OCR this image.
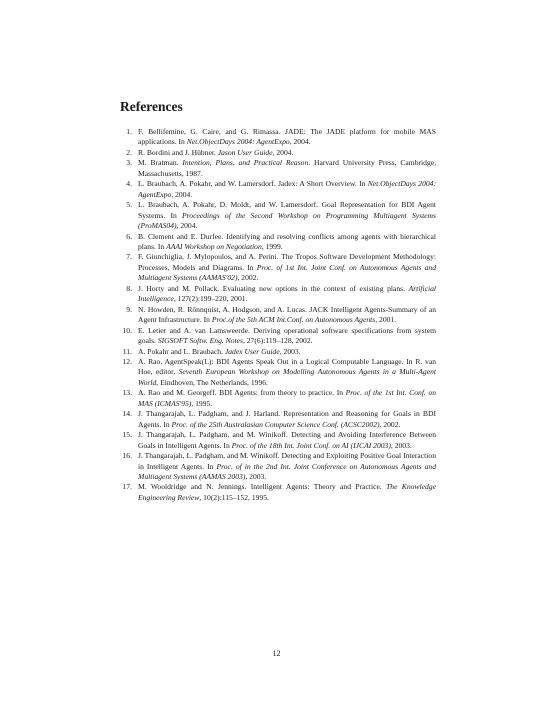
References
1. F. Bellifemine, G. Caire, and G. Rimassa. JADE: The JADE platform for mobile MAS applications. In Net.ObjectDays 2004: AgentExpo, 2004.
2. R. Bordini and J. Hübner. Jason User Guide, 2004.
3. M. Bratman. Intention, Plans, and Practical Reason. Harvard University Press, Cambridge, Massachusetts, 1987.
4. L. Braubach, A. Pokahr, and W. Lamersdorf. Jadex: A Short Overview. In Net.ObjectDays 2004: AgentExpo, 2004.
5. L. Braubach, A. Pokahr, D. Moldt, and W. Lamersdorf. Goal Representation for BDI Agent Systems. In Proceedings of the Second Workshop on Programming Multiagent Systems (ProMAS04), 2004.
6. B. Clement and E. Durfee. Identifying and resolving conflicts among agents with hierarchical plans. In AAAI Workshop on Negotiation, 1999.
7. F. Giunchiglia, J. Mylopoulos, and A. Perini. The Tropos Software Development Methodology: Processes, Models and Diagrams. In Proc. of 1st Int. Joint Conf. on Autonomous Agents and Multiagent Systems (AAMAS'02), 2002.
8. J. Horty and M. Pollack. Evaluating new options in the context of existing plans. Artificial Intelligence, 127(2):199–220, 2001.
9. N. Howden, R. Rönnquist, A. Hodgson, and A. Lucas. JACK Intelligent Agents-Summary of an Agent Infrastructure. In Proc.of the 5th ACM Int.Conf. on Autonomous Agents, 2001.
10. E. Letier and A. van Lamsweerde. Deriving operational software specifications from system goals. SIGSOFT Softw. Eng. Notes, 27(6):119–128, 2002.
11. A. Pokahr and L. Braubach. Jadex User Guide, 2003.
12. A. Rao. AgentSpeak(L): BDI Agents Speak Out in a Logical Computable Language. In R. van Hoe, editor, Seventh European Workshop on Modelling Autonomous Agents in a Multi-Agent World, Eindhoven, The Netherlands, 1996.
13. A. Rao and M. Georgeff. BDI Agents: from theory to practice. In Proc. of the 1st Int. Conf. on MAS (ICMAS'95), 1995.
14. J. Thangarajah, L. Padgham, and J. Harland. Representation and Reasoning for Goals in BDI Agents. In Proc. of the 25th Australasian Computer Science Conf. (ACSC2002), 2002.
15. J. Thangarajah, L. Padgham, and M. Winikoff. Detecting and Avoiding Interference Between Goals in Intelligent Agents. In Proc. of the 18th Int. Joint Conf. on AI (IJCAI 2003), 2003.
16. J. Thangarajah, L. Padgham, and M. Winikoff. Detecting and Exploiting Positive Goal Interaction in Intelligent Agents. In Proc. of in the 2nd Int. Joint Conference on Autonomous Agents and Multiagent Systems (AAMAS 2003), 2003.
17. M. Wooldridge and N. Jennings. Intelligent Agents: Theory and Practice. The Knowledge Engineering Review, 10(2):115–152, 1995.
12
